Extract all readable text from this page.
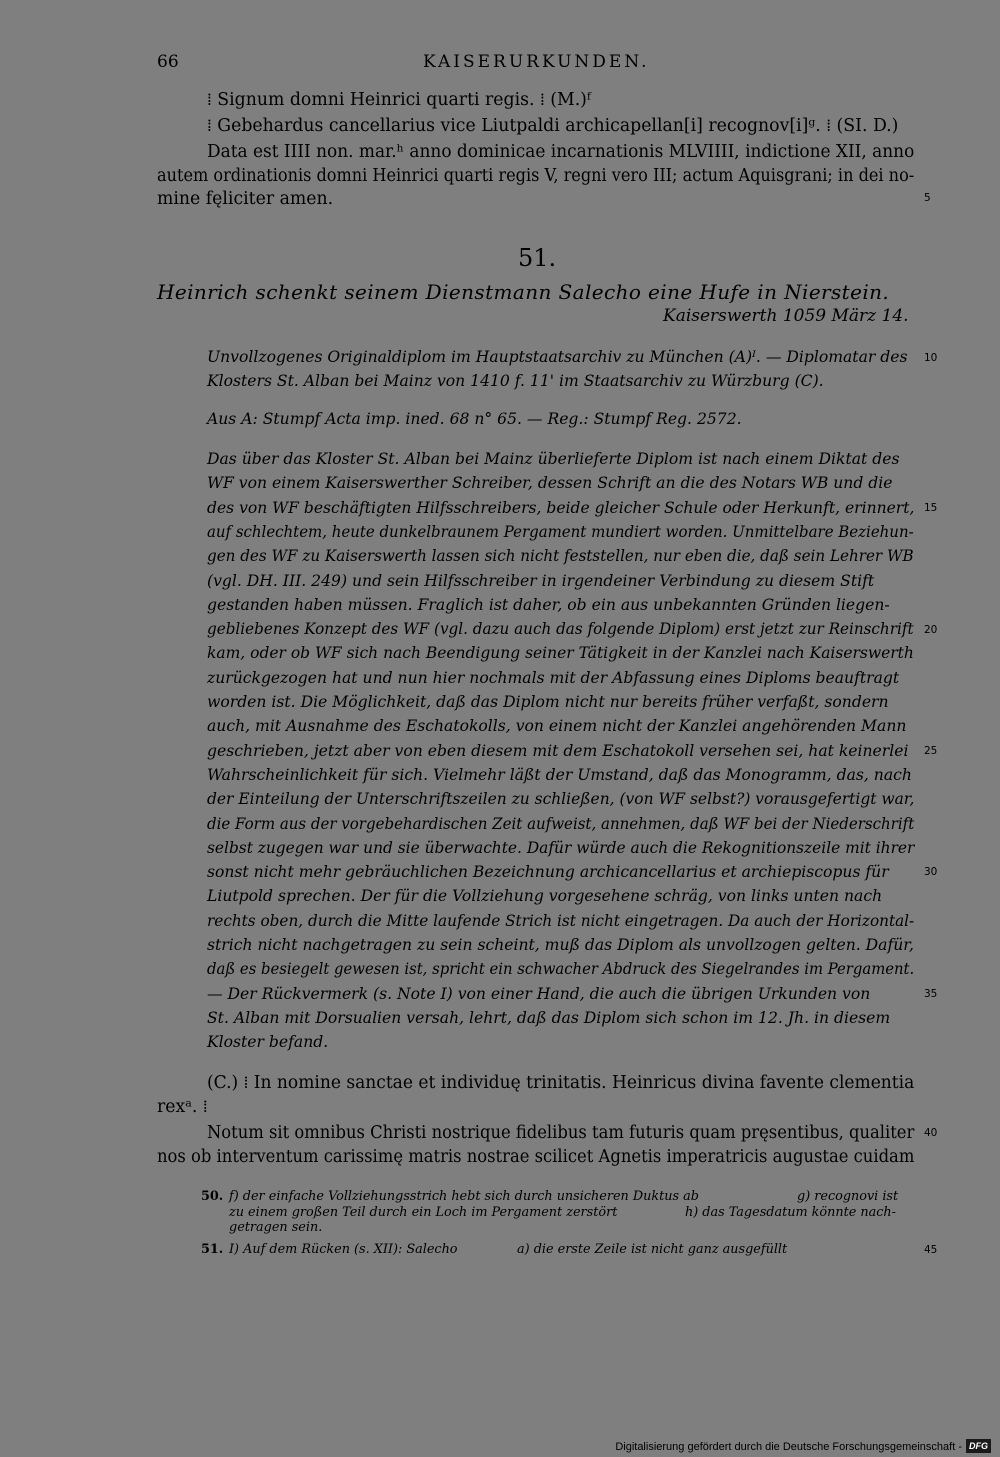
66	KAISERURKUNDEN.
⁞ Signum domni Heinrici quarti regis. ⁞ (M.)ᶠ
⁞ Gebehardus cancellarius vice Liutpaldi archicapellan[i] recognov[i]ᵍ. ⁞ (SI. D.)
Data est IIII non. mar.ʰ anno dominicae incarnationis MLVIIII, indictione XII, anno
autem ordinationis domni Heinrici quarti regis V, regni vero III; actum Aquisgrani; in dei no-
mine fęliciter amen.
51.
Heinrich schenkt seinem Dienstmann Salecho eine Hufe in Nierstein.
Kaiserswerth 1059 März 14.
Unvollzogenes Originaldiplom im Hauptstaatsarchiv zu München (A)ᴵ. — Diplomatar des
Klosters St. Alban bei Mainz von 1410 f. 11' im Staatsarchiv zu Würzburg (C).
Aus A: Stumpf Acta imp. ined. 68 n° 65. — Reg.: Stumpf Reg. 2572.
Das über das Kloster St. Alban bei Mainz überlieferte Diplom ist nach einem Diktat des
WF von einem Kaiserswerther Schreiber, dessen Schrift an die des Notars WB und die
des von WF beschäftigten Hilfsschreibers, beide gleicher Schule oder Herkunft, erinnert,
auf schlechtem, heute dunkelbraunem Pergament mundiert worden. Unmittelbare Beziehun-
gen des WF zu Kaiserswerth lassen sich nicht feststellen, nur eben die, daß sein Lehrer WB
(vgl. DH. III. 249) und sein Hilfsschreiber in irgendeiner Verbindung zu diesem Stift
gestanden haben müssen. Fraglich ist daher, ob ein aus unbekannten Gründen liegen-
gebliebenes Konzept des WF (vgl. dazu auch das folgende Diplom) erst jetzt zur Reinschrift
kam, oder ob WF sich nach Beendigung seiner Tätigkeit in der Kanzlei nach Kaiserswerth
zurückgezogen hat und nun hier nochmals mit der Abfassung eines Diploms beauftragt
worden ist. Die Möglichkeit, daß das Diplom nicht nur bereits früher verfaßt, sondern
auch, mit Ausnahme des Eschatokolls, von einem nicht der Kanzlei angehörenden Mann
geschrieben, jetzt aber von eben diesem mit dem Eschatokoll versehen sei, hat keinerlei
Wahrscheinlichkeit für sich. Vielmehr läßt der Umstand, daß das Monogramm, das, nach
der Einteilung der Unterschriftszeilen zu schließen, (von WF selbst?) vorausgefertigt war,
die Form aus der vorgebehardischen Zeit aufweist, annehmen, daß WF bei der Niederschrift
selbst zugegen war und sie überwachte. Dafür würde auch die Rekognitionszeile mit ihrer
sonst nicht mehr gebräuchlichen Bezeichnung archicancellarius et archiepiscopus für
Liutpold sprechen. Der für die Vollziehung vorgesehene schräg, von links unten nach
rechts oben, durch die Mitte laufende Strich ist nicht eingetragen. Da auch der Horizontal-
strich nicht nachgetragen zu sein scheint, muß das Diplom als unvollzogen gelten. Dafür,
daß es besiegelt gewesen ist, spricht ein schwacher Abdruck des Siegelrandes im Pergament.
— Der Rückvermerk (s. Note I) von einer Hand, die auch die übrigen Urkunden von
St. Alban mit Dorsualien versah, lehrt, daß das Diplom sich schon im 12. Jh. in diesem
Kloster befand.
(C.) ⁞ In nomine sanctae et individuę trinitatis. Heinricus divina favente clementia
rexᵃ. ⁞
Notum sit omnibus Christi nostrique fidelibus tam futuris quam pręsentibus, qualiter
nos ob interventum carissimę matris nostrae scilicet Agnetis imperatricis augustae cuidam
5
10
15
20
25
30
35
40
45
50. f) der einfache Vollziehungsstrich hebt sich durch unsicheren Duktus ab	g) recognovi ist
zu einem großen Teil durch ein Loch im Pergament zerstört	h) das Tagesdatum könnte nach-
getragen sein.
51. I) Auf dem Rücken (s. XII): Salecho	a) die erste Zeile ist nicht ganz ausgefüllt
Digitalisierung gefördert durch die Deutsche Forschungsgemeinschaft - DFG
